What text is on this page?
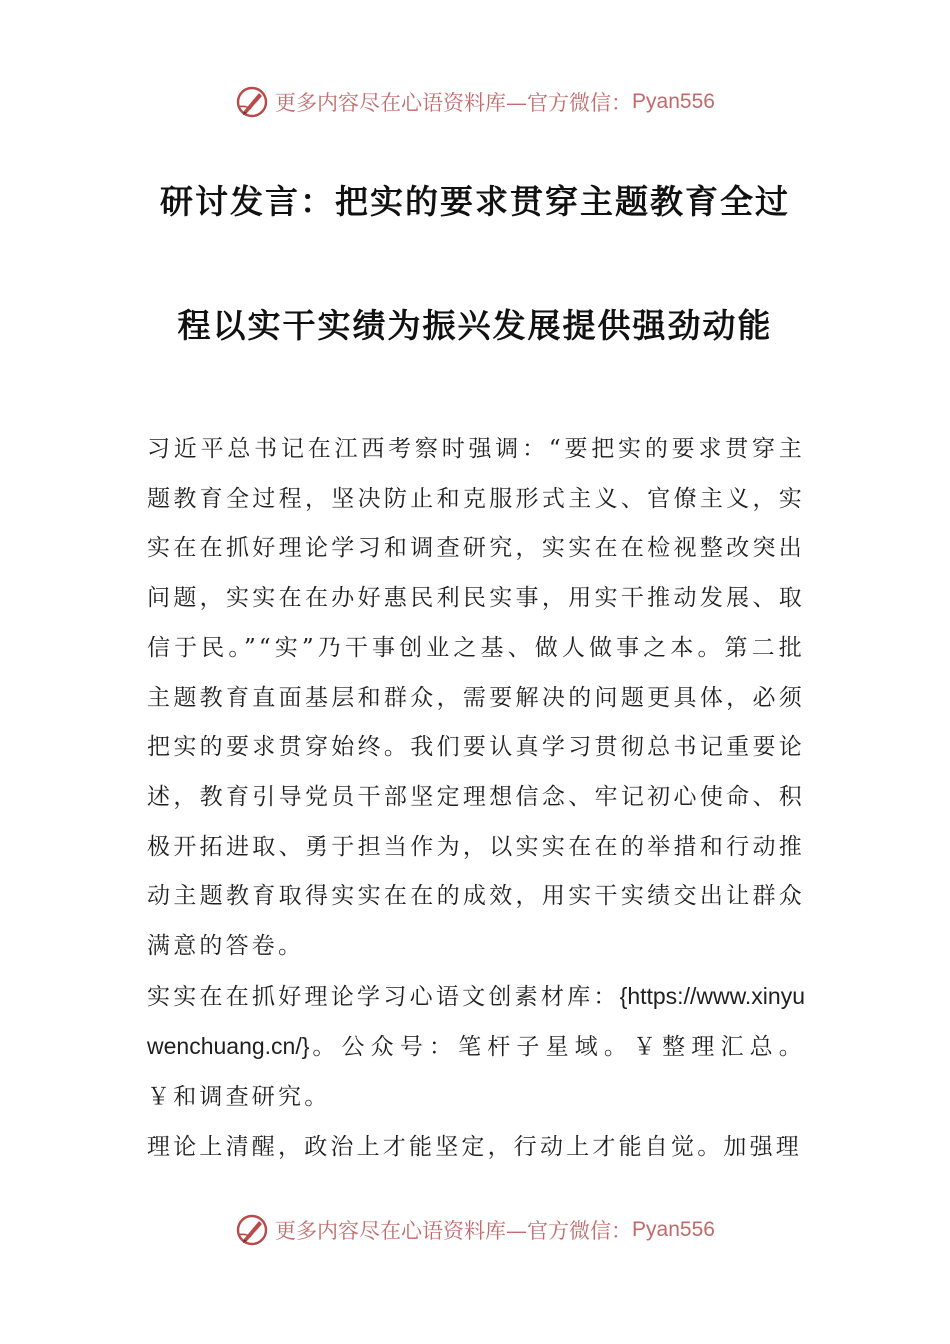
更多内容尽在心语资料库—官方微信： Pyan556
研讨发言：把实的要求贯穿主题教育全过
程以实干实绩为振兴发展提供强劲动能

习近平总书记在江西考察时强调：“要把实的要求贯穿主题教育全过程，坚决防止和克服形式主义、官僚主义，实实在在抓好理论学习和调查研究，实实在在检视整改突出问题，实实在在办好惠民利民实事，用实干推动发展、取信于民。”“实”乃干事创业之基、做人做事之本。第二批主题教育直面基层和群众，需要解决的问题更具体，必须把实的要求贯穿始终。我们要认真学习贯彻总书记重要论述，教育引导党员干部坚定理想信念、牢记初心使命、积极开拓进取、勇于担当作为，以实实在在的举措和行动推动主题教育取得实实在在的成效，用实干实绩交出让群众满意的答卷。

实实在在抓好理论学习心语文创素材库：{https://www.xinyuwenchuang.cn/}。公众号：笔杆子星域。￥整理汇总。￥和调查研究。

理论上清醒，政治上才能坚定，行动上才能自觉。加强理

更多内容尽在心语资料库—官方微信： Pyan556
